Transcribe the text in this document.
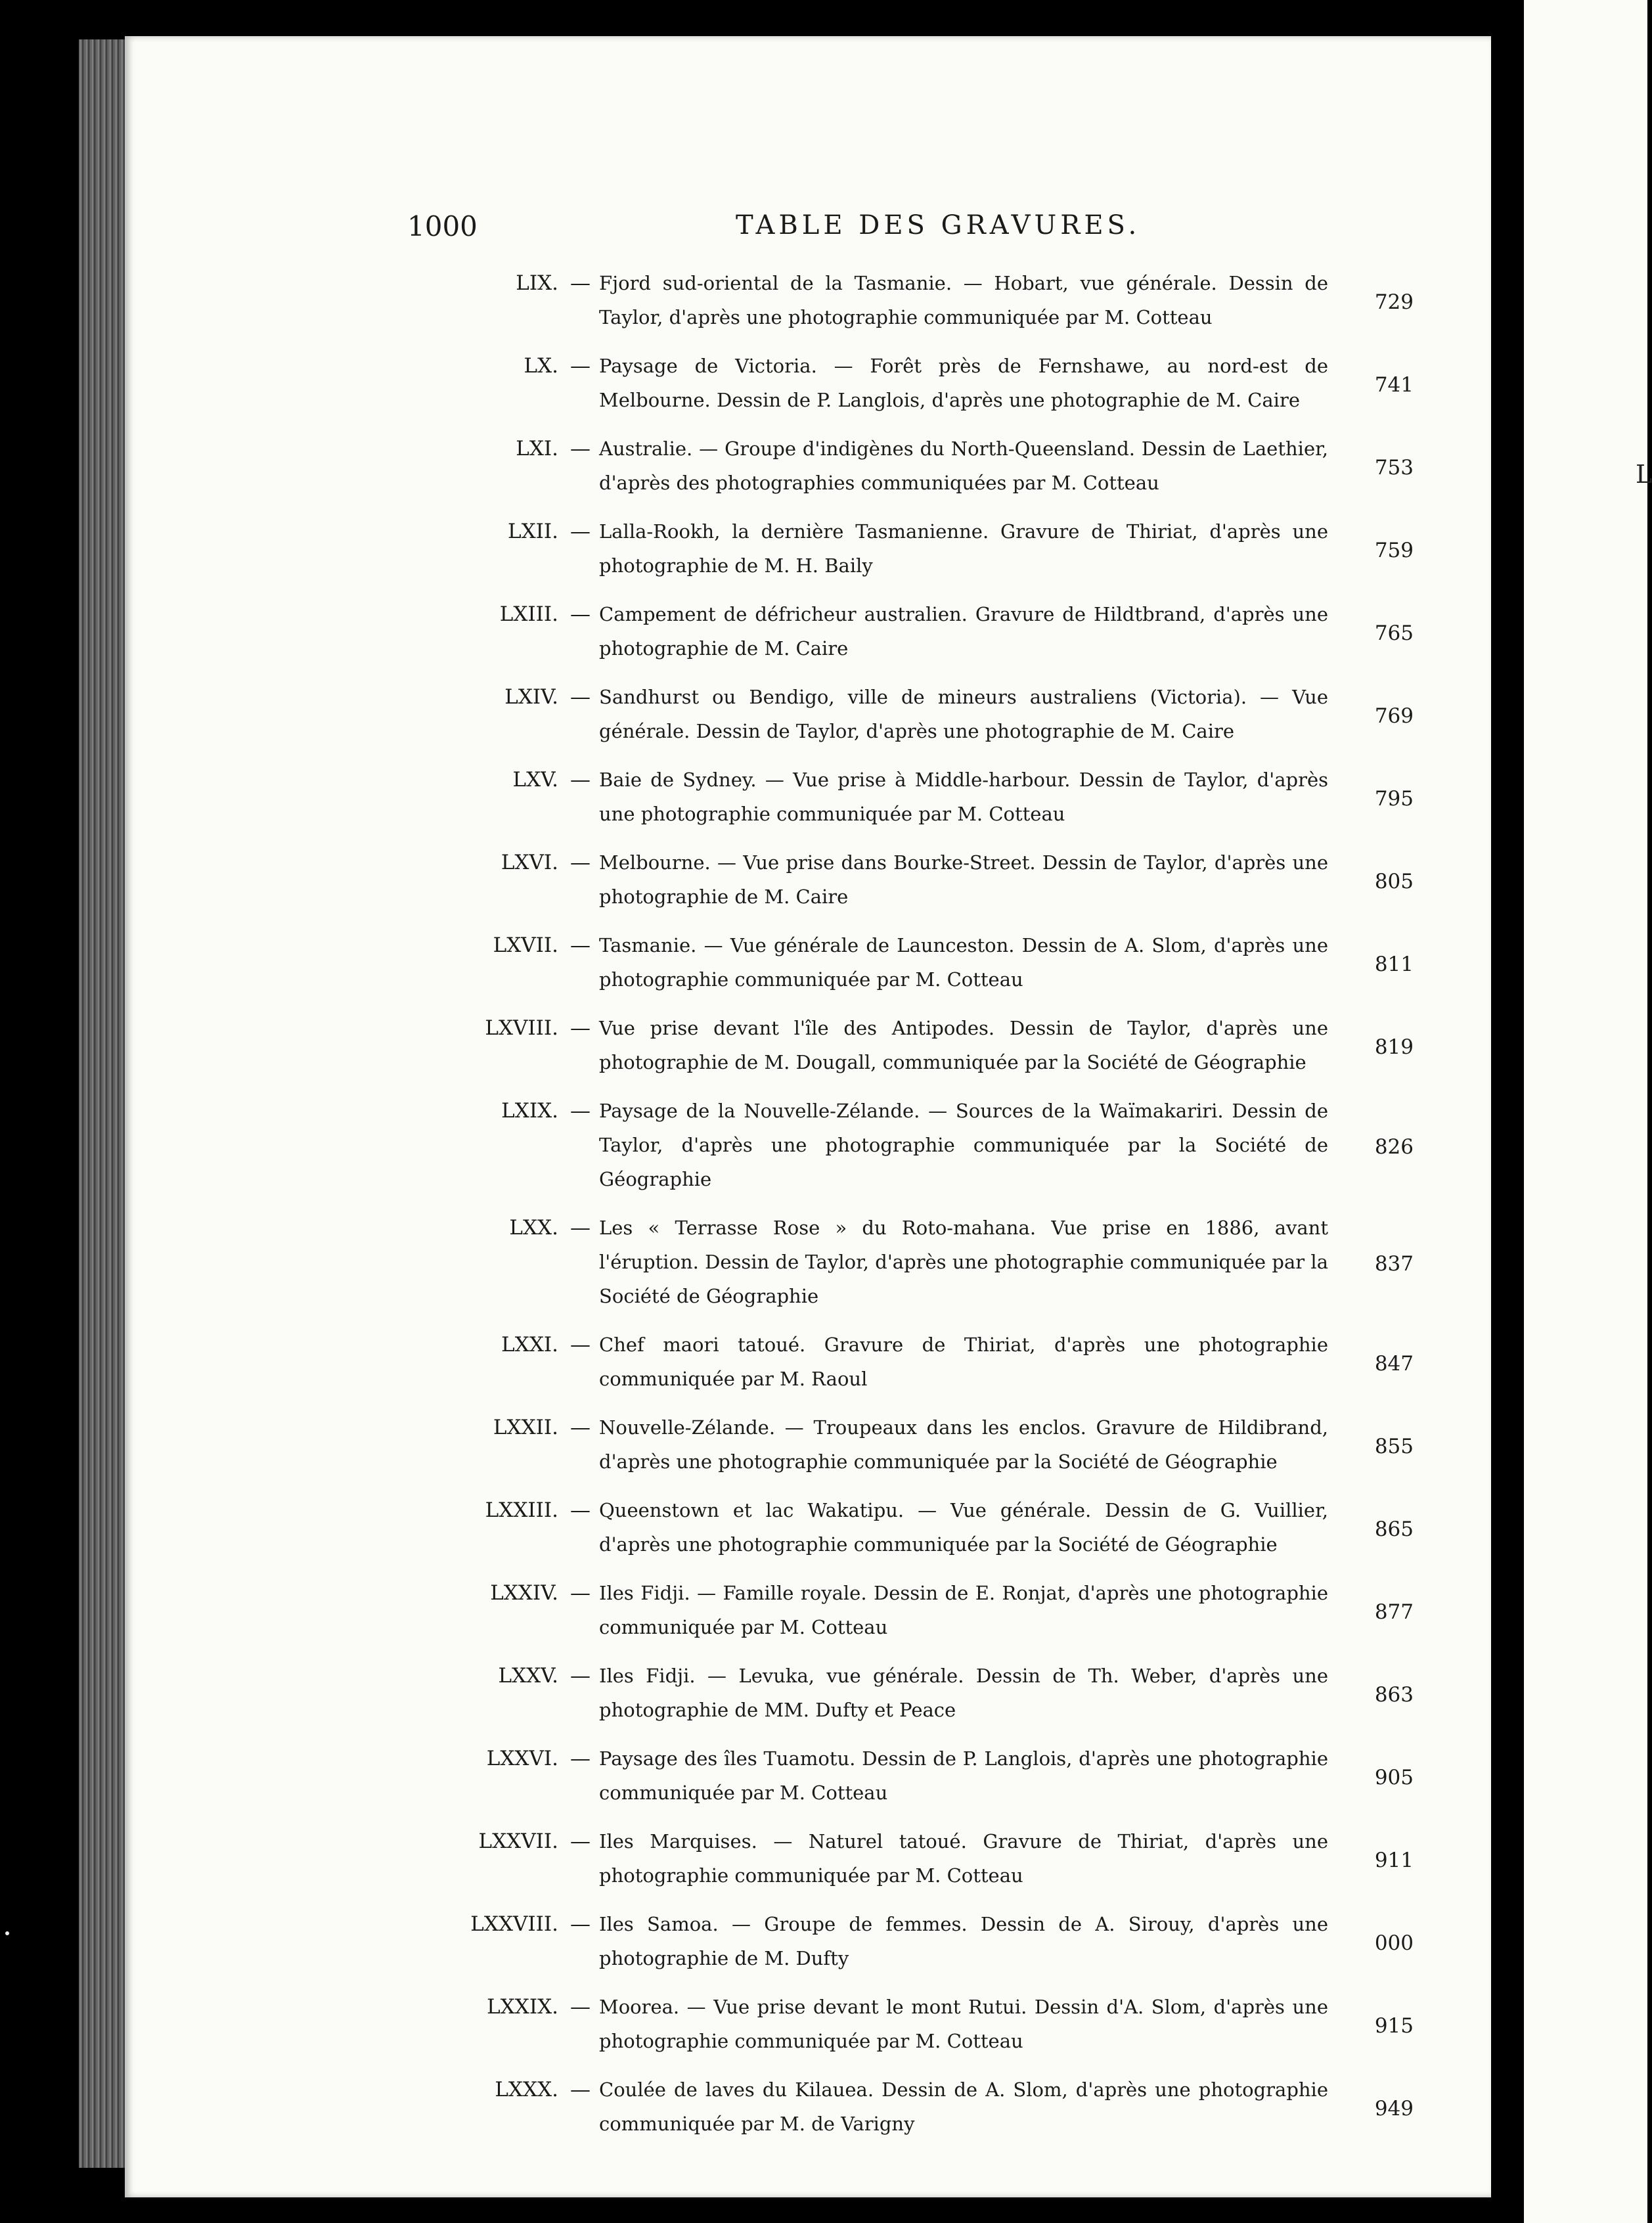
L
1000	TABLE DES GRAVURES.
LIX. — Fjord sud-oriental de la Tasmanie. — Hobart, vue générale. Dessin de Taylor, d'après une photographie communiquée par M. Cotteau
729
LX. — Paysage de Victoria. — Forêt près de Fernshawe, au nord-est de Melbourne. Dessin de P. Langlois, d'après une photographie de M. Caire
741
LXI. — Australie. — Groupe d'indigènes du North-Queensland. Dessin de Laethier, d'après des photographies communiquées par M. Cotteau
753
LXII. — Lalla-Rookh, la dernière Tasmanienne. Gravure de Thiriat, d'après une photographie de M. H. Baily
759
LXIII. — Campement de défricheur australien. Gravure de Hildtbrand, d'après une photographie de M. Caire
765
LXIV. — Sandhurst ou Bendigo, ville de mineurs australiens (Victoria). — Vue générale. Dessin de Taylor, d'après une photographie de M. Caire
769
LXV. — Baie de Sydney. — Vue prise à Middle-harbour. Dessin de Taylor, d'après une photographie communiquée par M. Cotteau
795
LXVI. — Melbourne. — Vue prise dans Bourke-Street. Dessin de Taylor, d'après une photographie de M. Caire
805
LXVII. — Tasmanie. — Vue générale de Launceston. Dessin de A. Slom, d'après une photographie communiquée par M. Cotteau
811
LXVIII. — Vue prise devant l'île des Antipodes. Dessin de Taylor, d'après une photographie de M. Dougall, communiquée par la Société de Géographie
819
LXIX. — Paysage de la Nouvelle-Zélande. — Sources de la Waïmakariri. Dessin de Taylor, d'après une photographie communiquée par la Société de Géographie
826
LXX. — Les « Terrasse Rose » du Roto-mahana. Vue prise en 1886, avant l'éruption. Dessin de Taylor, d'après une photographie communiquée par la Société de Géographie
837
LXXI. — Chef maori tatoué. Gravure de Thiriat, d'après une photographie communiquée par M. Raoul
847
LXXII. — Nouvelle-Zélande. — Troupeaux dans les enclos. Gravure de Hildibrand, d'après une photographie communiquée par la Société de Géographie
855
LXXIII. — Queenstown et lac Wakatipu. — Vue générale. Dessin de G. Vuillier, d'après une photographie communiquée par la Société de Géographie
865
LXXIV. — Iles Fidji. — Famille royale. Dessin de E. Ronjat, d'après une photographie communiquée par M. Cotteau
877
LXXV. — Iles Fidji. — Levuka, vue générale. Dessin de Th. Weber, d'après une photographie de MM. Dufty et Peace
863
LXXVI. — Paysage des îles Tuamotu. Dessin de P. Langlois, d'après une photographie communiquée par M. Cotteau
905
LXXVII. — Iles Marquises. — Naturel tatoué. Gravure de Thiriat, d'après une photographie communiquée par M. Cotteau
911
LXXVIII. — Iles Samoa. — Groupe de femmes. Dessin de A. Sirouy, d'après une photographie de M. Dufty
000
LXXIX. — Moorea. — Vue prise devant le mont Rutui. Dessin d'A. Slom, d'après une photographie communiquée par M. Cotteau
915
LXXX. — Coulée de laves du Kilauea. Dessin de A. Slom, d'après une photographie communiquée par M. de Varigny
949
